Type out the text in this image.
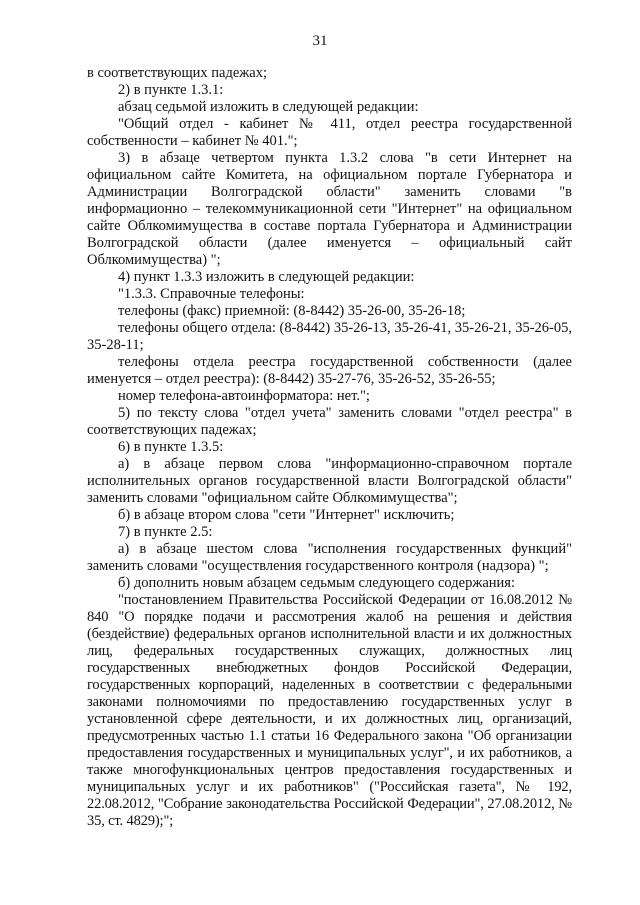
31

в соответствующих падежах;

2) в пункте 1.3.1:

абзац седьмой изложить в следующей редакции:

"Общий отдел - кабинет № 411, отдел реестра государственной собственности – кабинет № 401.";

3) в абзаце четвертом пункта 1.3.2 слова "в сети Интернет на официальном сайте Комитета, на официальном портале Губернатора и Администрации Волгоградской области" заменить словами "в информационно – телекоммуникационной сети "Интернет" на официальном сайте Облкомимущества в составе портала Губернатора и Администрации Волгоградской области (далее именуется – официальный сайт Облкомимущества) ";

4) пункт 1.3.3 изложить в следующей редакции:

"1.3.3. Справочные телефоны:

телефоны (факс) приемной: (8-8442) 35-26-00, 35-26-18;

телефоны общего отдела: (8-8442) 35-26-13, 35-26-41, 35-26-21, 35-26-05, 35-28-11;

телефоны отдела реестра государственной собственности (далее именуется – отдел реестра): (8-8442) 35-27-76, 35-26-52, 35-26-55;

номер телефона-автоинформатора: нет.";

5) по тексту слова "отдел учета" заменить словами "отдел реестра" в соответствующих падежах;

6) в пункте 1.3.5:

а) в абзаце первом слова "информационно-справочном портале исполнительных органов государственной власти Волгоградской области" заменить словами "официальном сайте Облкомимущества";

б) в абзаце втором слова "сети "Интернет" исключить;

7) в пункте 2.5:

а) в абзаце шестом слова "исполнения государственных функций" заменить словами "осуществления государственного контроля (надзора) ";

б) дополнить новым абзацем седьмым следующего содержания:

"постановлением Правительства Российской Федерации от 16.08.2012 № 840 "О порядке подачи и рассмотрения жалоб на решения и действия (бездействие) федеральных органов исполнительной власти и их должностных лиц, федеральных государственных служащих, должностных лиц государственных внебюджетных фондов Российской Федерации, государственных корпораций, наделенных в соответствии с федеральными законами полномочиями по предоставлению государственных услуг в установленной сфере деятельности, и их должностных лиц, организаций, предусмотренных частью 1.1 статьи 16 Федерального закона "Об организации предоставления государственных и муниципальных услуг", и их работников, а также многофункциональных центров предоставления государственных и муниципальных услуг и их работников" ("Российская газета", № 192, 22.08.2012, "Собрание законодательства Российской Федерации", 27.08.2012, № 35, ст. 4829);";
